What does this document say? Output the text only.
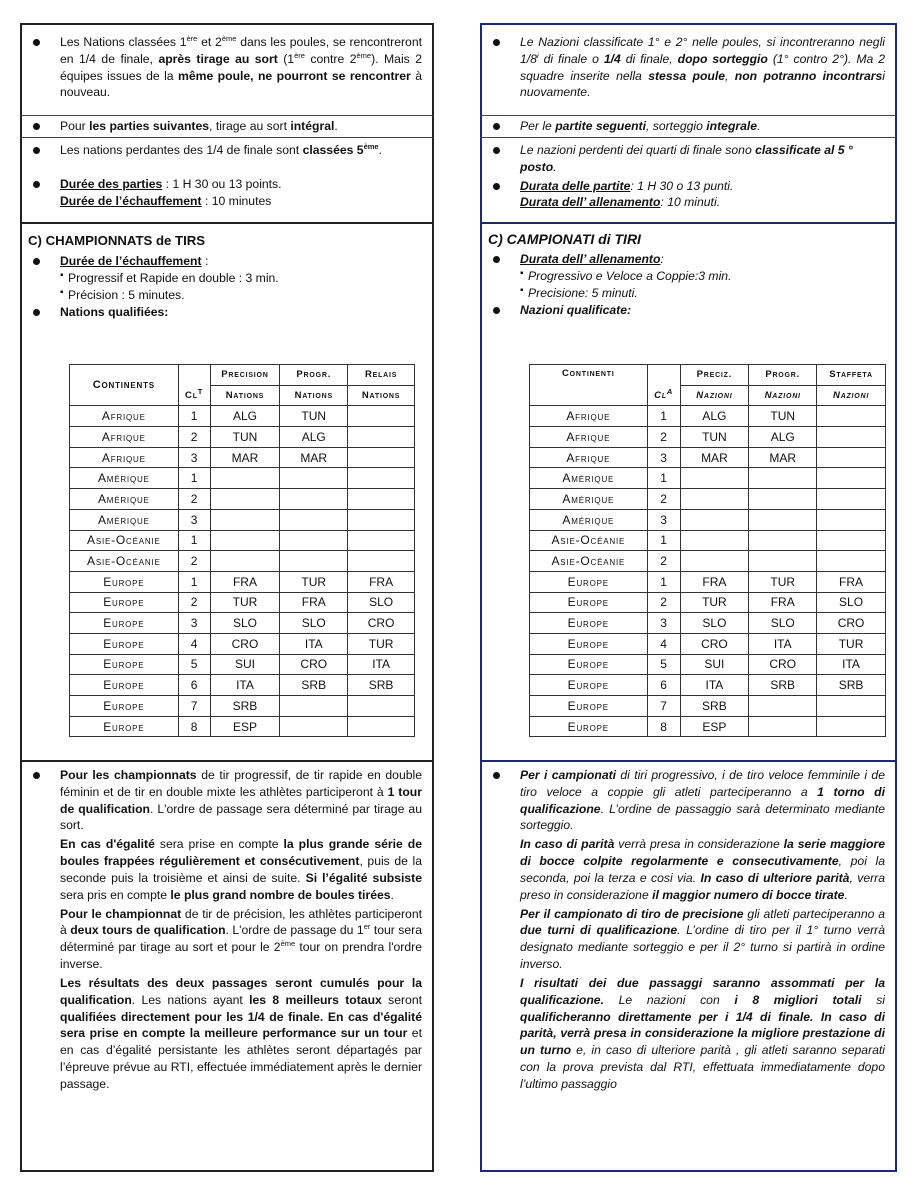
Les Nations classées 1ère et 2ème dans les poules, se rencontreront en 1/4 de finale, après tirage au sort (1ère contre 2ème). Mais 2 équipes issues de la même poule, ne pourront se rencontrer à nouveau.
Pour les parties suivantes, tirage au sort intégral.
Les nations perdantes des 1/4 de finale sont classées 5ème.
Durée des parties : 1 H 30 ou 13 points.
Durée de l’échauffement : 10 minutes
C) CHAMPIONNATS de TIRS
Durée de l’échauffement :
▪ Progressif et Rapide en double : 3 min.
▪ Précision : 5 minutes.
Nations qualifiées:
Continents		Precision	Progr.	Relais
	$Cl^T$	Nations	Nations	Nations
Afrique	1	ALG	TUN	
Afrique	2	TUN	ALG	
Afrique	3	MAR	MAR	
Amérique	1			
Amérique	2			
Amérique	3			
Asie-Océanie	1			
Asie-Océanie	2			
Europe	1	FRA	TUR	FRA
Europe	2	TUR	FRA	SLO
Europe	3	SLO	SLO	CRO
Europe	4	CRO	ITA	TUR
Europe	5	SUI	CRO	ITA
Europe	6	ITA	SRB	SRB
Europe	7	SRB		
Europe	8	ESP		

Pour les championnats de tir progressif, de tir rapide en double féminin et de tir en double mixte les athlètes participeront à 1 tour de qualification. L'ordre de passage sera déterminé par tirage au sort.

En cas d'égalité sera prise en compte la plus grande série de boules frappées régulièrement et consécutivement, puis de la seconde puis la troisième et ainsi de suite. Si l’égalité subsiste sera pris en compte le plus grand nombre de boules tirées.

Pour le championnat de tir de précision, les athlètes participeront à deux tours de qualification. L'ordre de passage du 1er tour sera déterminé par tirage au sort et pour le 2ème tour on prendra l'ordre inverse.

Les résultats des deux passages seront cumulés pour la qualification. Les nations ayant les 8 meilleurs totaux seront qualifiées directement pour les 1/4 de finale. En cas d'égalité sera prise en compte la meilleure performance sur un tour et en cas d’égalité persistante les athlètes seront départagés par l’épreuve prévue au RTI, effectuée immédiatement après le dernier passage.

Le Nazioni classificate 1° e 2° nelle poules, si incontreranno negli 1/8$^i$ di finale o 1/4 di finale, dopo sorteggio (1° contro 2°). Ma 2 squadre inserite nella stessa poule, non potranno incontrarsi nuovamente.
Per le partite seguenti, sorteggio integrale.
Le nazioni perdenti dei quarti di finale sono classificate al 5 ° posto.
Durata delle partite: 1 H 30 o 13 punti.
Durata dell’ allenamento: 10 minuti.
C) CAMPIONATI di TIRI
Durata dell’ allenamento:
▪ Progressivo e Veloce a Coppie:3 min.
▪ Precisione: 5 minuti.
Nazioni qualificate:
Continenti		Preciz.	Progr.	Staffeta
	$Cl^A$	Nazioni	Nazioni	Nazioni
Afrique	1	ALG	TUN	
Afrique	2	TUN	ALG	
Afrique	3	MAR	MAR	
Amérique	1			
Amérique	2			
Amérique	3			
Asie-Océanie	1			
Asie-Océanie	2			
Europe	1	FRA	TUR	FRA
Europe	2	TUR	FRA	SLO
Europe	3	SLO	SLO	CRO
Europe	4	CRO	ITA	TUR
Europe	5	SUI	CRO	ITA
Europe	6	ITA	SRB	SRB
Europe	7	SRB		
Europe	8	ESP		

Per i campionati di tiri progressivo, i de tiro veloce femminile i de tiro veloce a coppie gli atleti parteciperanno a 1 torno di qualificazione. L’ordine de passaggio sarà determinato mediante sorteggio.

In caso di parità verrà presa in considerazione la serie maggiore di bocce colpite regolarmente e consecutivamente, poi la seconda, poi la terza e cosi via. In caso di ulteriore parità, verra preso in considerazione il maggior numero di bocce tirate.

Per il campionato di tiro de precisione gli atleti parteciperanno a due turni di qualificazione. L’ordine di tiro per il 1° turno verrà designato mediante sorteggio e per il 2° turno si partirà in ordine inverso.

I risultati dei due passaggi saranno assommati per la qualificazione. Le nazioni con i 8 migliori totali si qualificheranno direttamente per i 1/4 di finale. In caso di parità, verrà presa in considerazione la migliore prestazione di un turno e, in caso di ulteriore parità , gli atleti saranno separati con la prova prevista dal RTI, effettuata immediatamente dopo l’ultimo passaggio
